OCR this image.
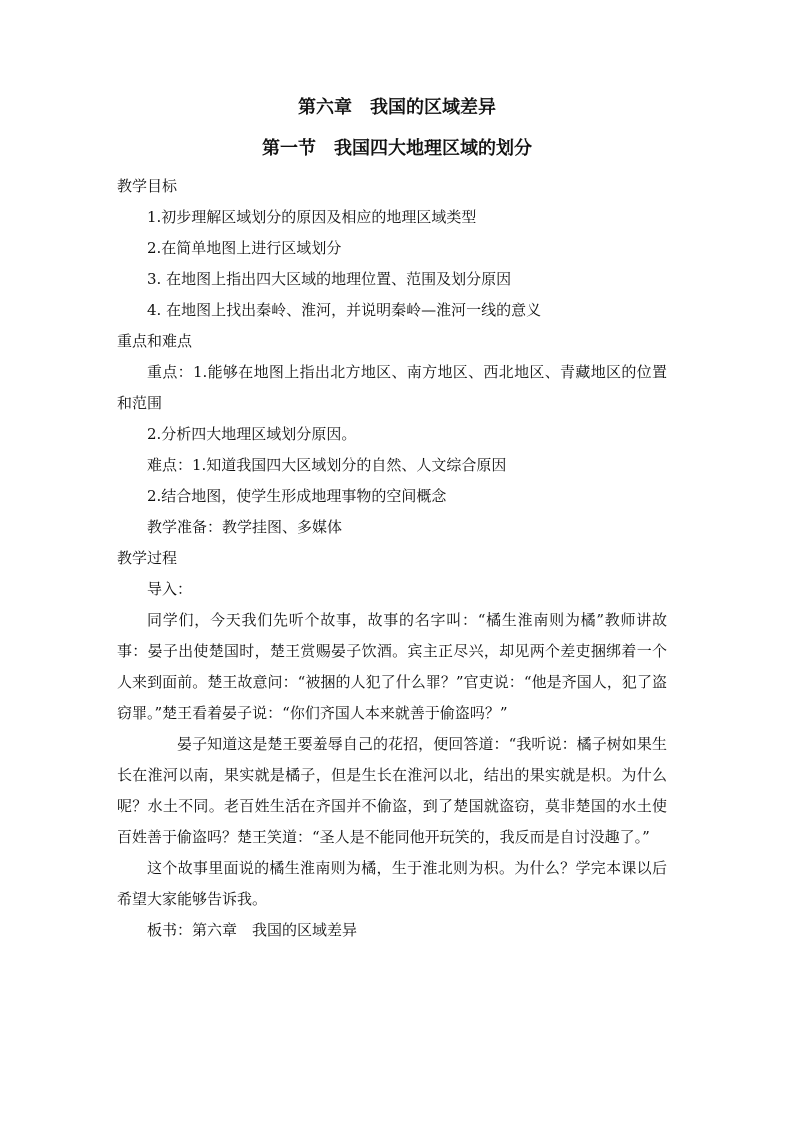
第六章　我国的区域差异
第一节　我国四大地理区域的划分

教学目标

1.初步理解区域划分的原因及相应的地理区域类型

2.在简单地图上进行区域划分

3. 在地图上指出四大区域的地理位置、范围及划分原因

4. 在地图上找出秦岭、淮河，并说明秦岭—淮河一线的意义

重点和难点

重点：1.能够在地图上指出北方地区、南方地区、西北地区、青藏地区的位置和范围

2.分析四大地理区域划分原因。

难点：1.知道我国四大区域划分的自然、人文综合原因

2.结合地图，使学生形成地理事物的空间概念

教学准备：教学挂图、多媒体

教学过程

导入：

同学们，今天我们先听个故事，故事的名字叫：“橘生淮南则为橘”教师讲故事：晏子出使楚国时，楚王赏赐晏子饮酒。宾主正尽兴，却见两个差吏捆绑着一个人来到面前。楚王故意问：“被捆的人犯了什么罪？”官吏说：“他是齐国人，犯了盗窃罪。”楚王看着晏子说：“你们齐国人本来就善于偷盗吗？”

晏子知道这是楚王要羞辱自己的花招，便回答道：“我听说：橘子树如果生长在淮河以南，果实就是橘子，但是生长在淮河以北，结出的果实就是枳。为什么呢？水土不同。老百姓生活在齐国并不偷盗，到了楚国就盗窃，莫非楚国的水土使百姓善于偷盗吗？楚王笑道：“圣人是不能同他开玩笑的，我反而是自讨没趣了。”

这个故事里面说的橘生淮南则为橘，生于淮北则为枳。为什么？学完本课以后希望大家能够告诉我。

板书：第六章　我国的区域差异
